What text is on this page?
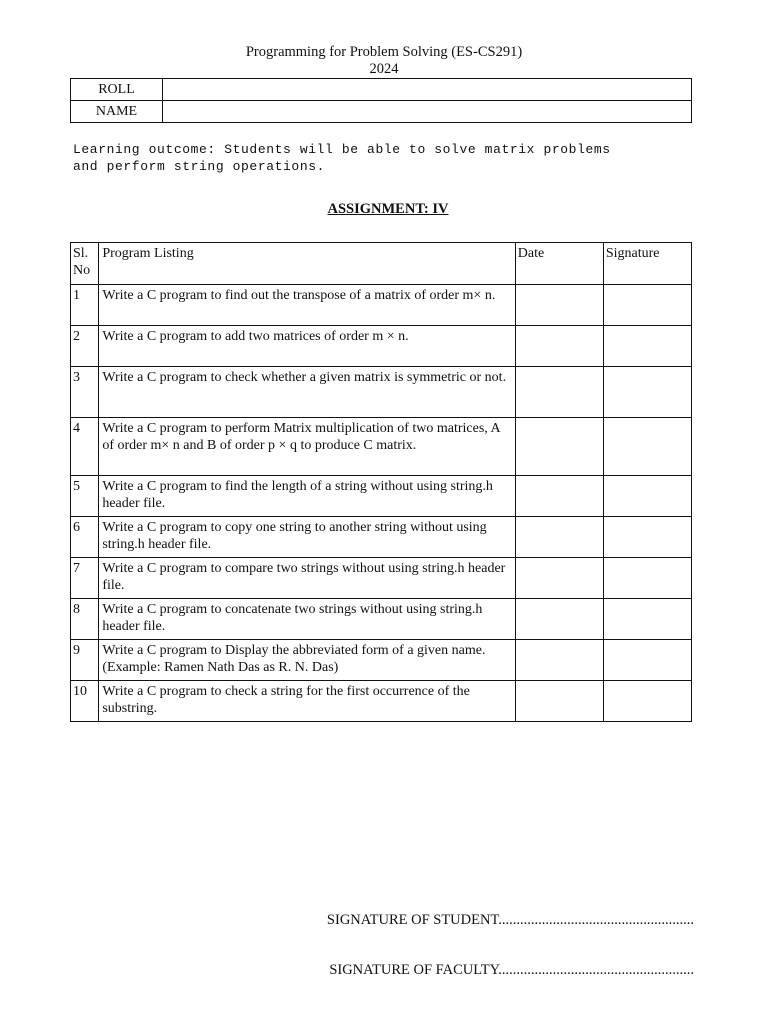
Programming for Problem Solving (ES-CS291)
2024
ROLL	
NAME	
Learning outcome: Students will be able to solve matrix problems
and perform string operations.
ASSIGNMENT: IV
Sl. No	Program Listing	Date	Signature
1	Write a C program to find out the transpose of a matrix of order m× n.		
2	Write a C program to add two matrices of order m × n.		
3	Write a C program to check whether a given matrix is symmetric or not.		
4	Write a C program to perform Matrix multiplication of two matrices, A of order m× n and B of order p × q to produce C matrix.		
5	Write a C program to find the length of a string without using string.h header file.		
6	Write a C program to copy one string to another string without using string.h header file.		
7	Write a C program to compare two strings without using string.h header file.		
8	Write a C program to concatenate two strings without using string.h header file.		
9	Write a C program to Display the abbreviated form of a given name. (Example: Ramen Nath Das as R. N. Das)		
10	Write a C program to check a string for the first occurrence of the substring.		
SIGNATURE OF STUDENT......................................................
SIGNATURE OF FACULTY......................................................
